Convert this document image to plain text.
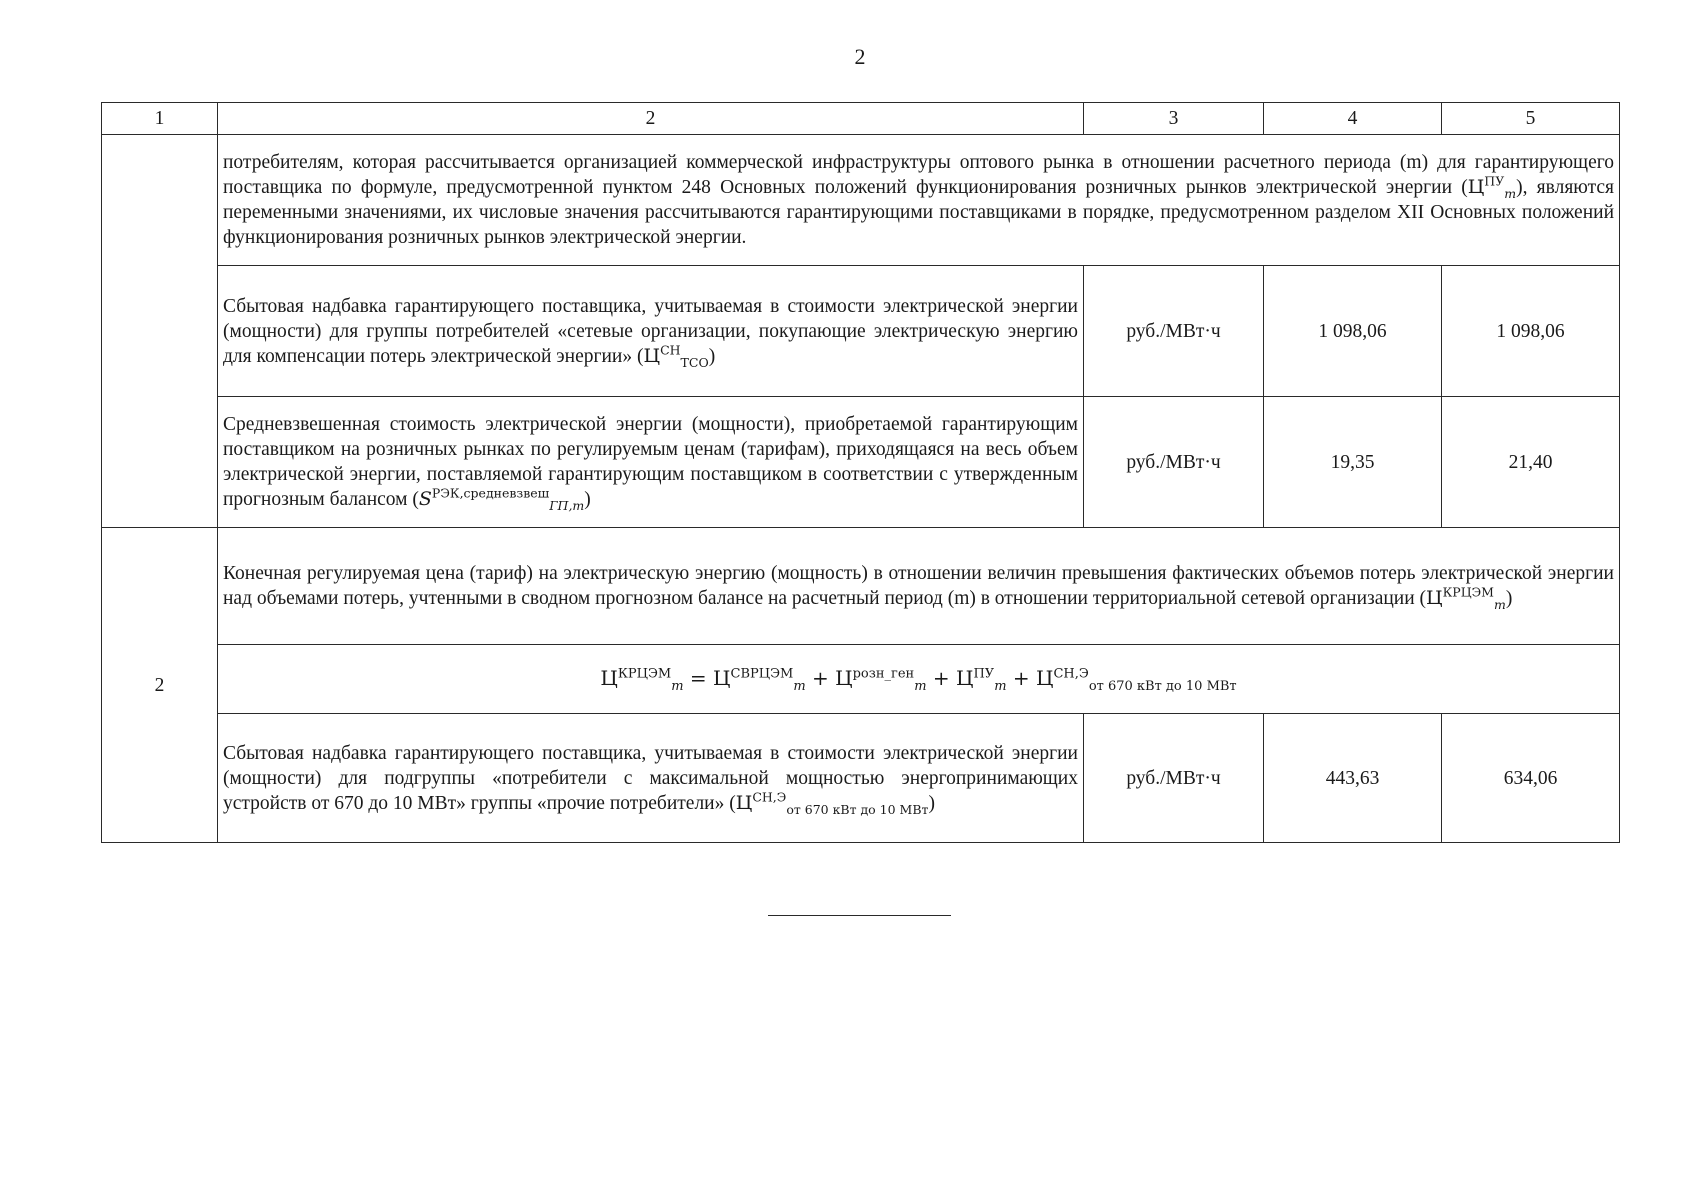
2
1	2	3	4	5
	потребителям, которая рассчитывается организацией коммерческой инфраструктуры оптового рынка в отношении расчетного периода (m) для гарантирующего поставщика по формуле, предусмотренной пунктом 248 Основных положений функционирования розничных рынков электрической энергии $(Ц^{ПУ}_m)$, являются переменными значениями, их числовые значения рассчитываются гарантирующими поставщиками в порядке, предусмотренном разделом XII Основных положений функционирования розничных рынков электрической энергии.			
	Сбытовая надбавка гарантирующего поставщика, учитываемая в стоимости электрической энергии (мощности) для группы потребителей «сетевые организации, покупающие электрическую энергию для компенсации потерь электрической энергии» $(Ц^{СН}_{ТСО})$	руб./МВт·ч	1 098,06	1 098,06
	Средневзвешенная стоимость электрической энергии (мощности), приобретаемой гарантирующим поставщиком на розничных рынках по регулируемым ценам (тарифам), приходящаяся на весь объем электрической энергии, поставляемой гарантирующим поставщиком в соответствии с утвержденным прогнозным балансом $(S^{РЭК,средневзвеш}_{ГП,m})$	руб./МВт·ч	19,35	21,40
2	Конечная регулируемая цена (тариф) на электрическую энергию (мощность) в отношении величин превышения фактических объемов потерь электрической энергии над объемами потерь, учтенными в сводном прогнозном балансе на расчетный период (m) в отношении территориальной сетевой организации $(Ц^{КРЦЭМ}_m)$			
	$Ц^{КРЦЭМ}_m = Ц^{СВРЦЭМ}_m + Ц^{розн\_ген}_m + Ц^{ПУ}_m + Ц^{СН,Э}_{от 670 кВт до 10 МВт}$
	Сбытовая надбавка гарантирующего поставщика, учитываемая в стоимости электрической энергии (мощности) для подгруппы «потребители с максимальной мощностью энергопринимающих устройств от 670 до 10 МВт» группы «прочие потребители» $(Ц^{СН,Э}_{от 670 кВт до 10 МВт})$	руб./МВт·ч	443,63	634,06
